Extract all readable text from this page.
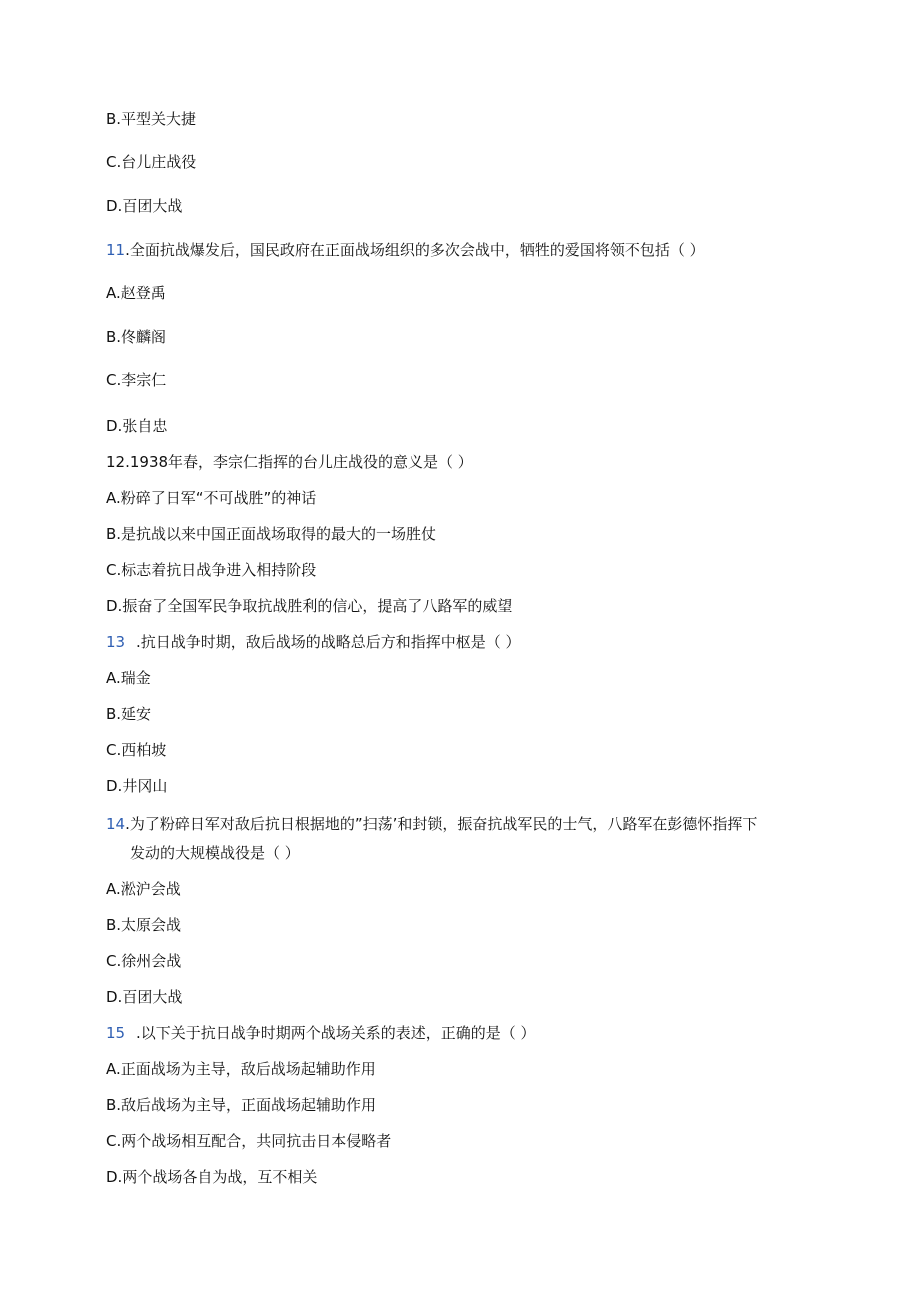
B.平型关大捷
C.台儿庄战役
D.百团大战
11.全面抗战爆发后，国民政府在正面战场组织的多次会战中，牺牲的爱国将领不包括（ ）
A.赵登禹
B.佟麟阁
C.李宗仁
D.张自忠
12.1938年春，李宗仁指挥的台儿庄战役的意义是（ ）
A.粉碎了日军“不可战胜”的神话
B.是抗战以来中国正面战场取得的最大的一场胜仗
C.标志着抗日战争进入相持阶段
D.振奋了全国军民争取抗战胜利的信心，提高了八路军的威望
13 .抗日战争时期，敌后战场的战略总后方和指挥中枢是（ ）
A.瑞金
B.延安
C.西柏坡
D.井冈山
14.为了粉碎日军对敌后抗日根据地的”扫荡’和封锁，振奋抗战军民的士气，八路军在彭德怀指挥下
发动的大规模战役是（ ）
A.淞沪会战
B.太原会战
C.徐州会战
D.百团大战
15 .以下关于抗日战争时期两个战场关系的表述，正确的是（ ）
A.正面战场为主导，敌后战场起辅助作用
B.敌后战场为主导，正面战场起辅助作用
C.两个战场相互配合，共同抗击日本侵略者
D.两个战场各自为战，互不相关
